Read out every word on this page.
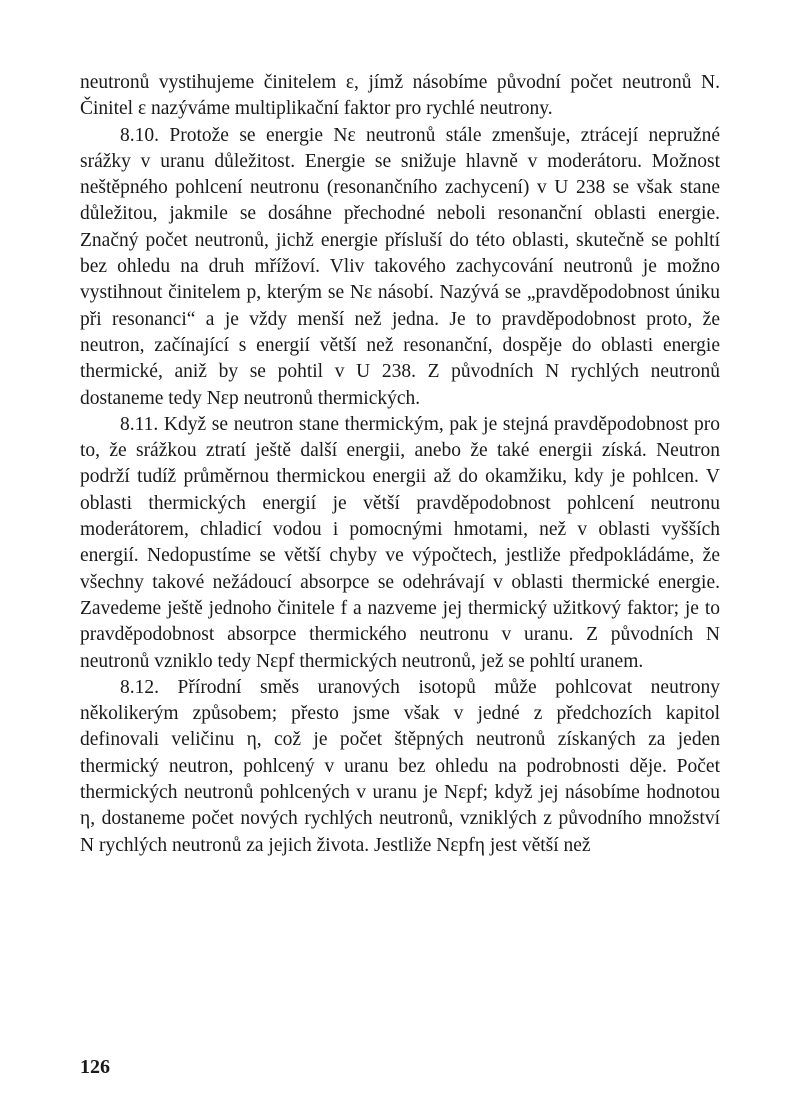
neutronů vystihujeme činitelem ε, jímž násobíme původní počet neutronů N. Činitel ε nazýváme multiplikační faktor pro rychlé neutrony.

8.10. Protože se energie Nε neutronů stále zmenšuje, ztrácejí nepružné srážky v uranu důležitost. Energie se snižuje hlavně v moderátoru. Možnost neštěpného pohlcení neutronu (resonančního zachycení) v U 238 se však stane důležitou, jakmile se dosáhne přechodné neboli resonanční oblasti energie. Značný počet neutronů, jichž energie přísluší do této oblasti, skutečně se pohltí bez ohledu na druh mřížoví. Vliv takového zachycování neutronů je možno vystihnout činitelem p, kterým se Nε násobí. Nazývá se „pravděpodobnost úniku při resonanci“ a je vždy menší než jedna. Je to pravděpodobnost proto, že neutron, začínající s energií větší než resonanční, dospěje do oblasti energie thermické, aniž by se pohtil v U 238. Z původních N rychlých neutronů dostaneme tedy Nεp neutronů thermických.

8.11. Když se neutron stane thermickým, pak je stejná pravděpodobnost pro to, že srážkou ztratí ještě další energii, anebo že také energii získá. Neutron podrží tudíž průměrnou thermickou energii až do okamžiku, kdy je pohlcen. V oblasti thermických energií je větší pravděpodobnost pohlcení neutronu moderátorem, chladicí vodou i pomocnými hmotami, než v oblasti vyšších energií. Nedopustíme se větší chyby ve výpočtech, jestliže předpokládáme, že všechny takové nežádoucí absorpce se odehrávají v oblasti thermické energie. Zavedeme ještě jednoho činitele f a nazveme jej thermický užitkový faktor; je to pravděpodobnost absorpce thermického neutronu v uranu. Z původních N neutronů vzniklo tedy Nεpf thermických neutronů, jež se pohltí uranem.

8.12. Přírodní směs uranových isotopů může pohlcovat neutrony několikerým způsobem; přesto jsme však v jedné z předchozích kapitol definovali veličinu η, což je počet štěpných neutronů získaných za jeden thermický neutron, pohlcený v uranu bez ohledu na podrobnosti děje. Počet thermických neutronů pohlcených v uranu je Nεpf; když jej násobíme hodnotou η, dostaneme počet nových rychlých neutronů, vzniklých z původního množství N rychlých neutronů za jejich života. Jestliže Nεpfη jest větší než

126
